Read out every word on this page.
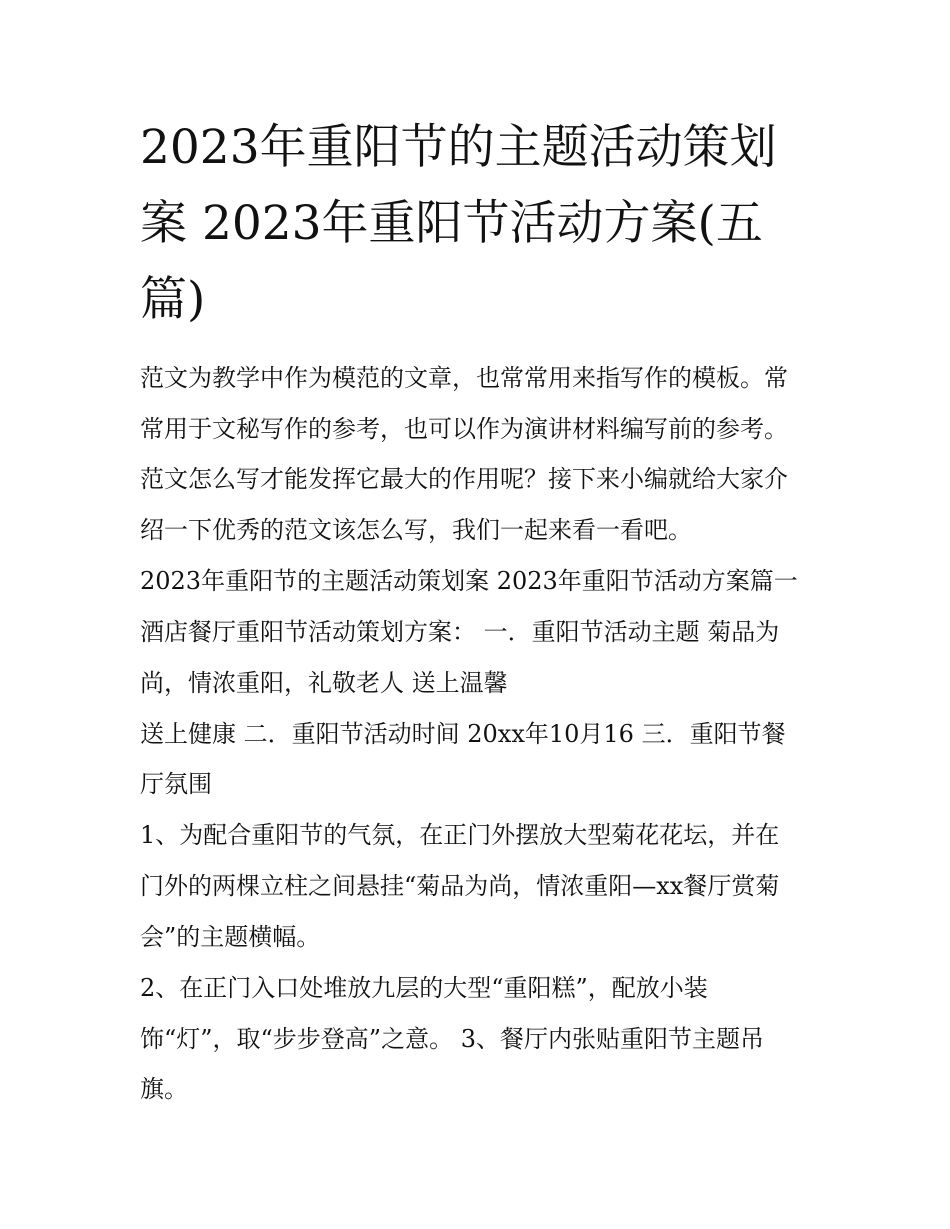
2023年重阳节的主题活动策划
案 2023年重阳节活动方案(五
篇)
范文为教学中作为模范的文章，也常常用来指写作的模板。常
常用于文秘写作的参考，也可以作为演讲材料编写前的参考。
范文怎么写才能发挥它最大的作用呢？接下来小编就给大家介
绍一下优秀的范文该怎么写，我们一起来看一看吧。
2023年重阳节的主题活动策划案 2023年重阳节活动方案篇一
酒店餐厅重阳节活动策划方案： 一．重阳节活动主题 菊品为
尚，情浓重阳，礼敬老人 送上温馨
送上健康 二．重阳节活动时间 20xx年10月16 三．重阳节餐
厅氛围
1、为配合重阳节的气氛，在正门外摆放大型菊花花坛，并在
门外的两棵立柱之间悬挂“菊品为尚，情浓重阳—xx餐厅赏菊
会”的主题横幅。
2、在正门入口处堆放九层的大型“重阳糕”，配放小装
饰“灯”，取“步步登高”之意。 3、餐厅内张贴重阳节主题吊
旗。
